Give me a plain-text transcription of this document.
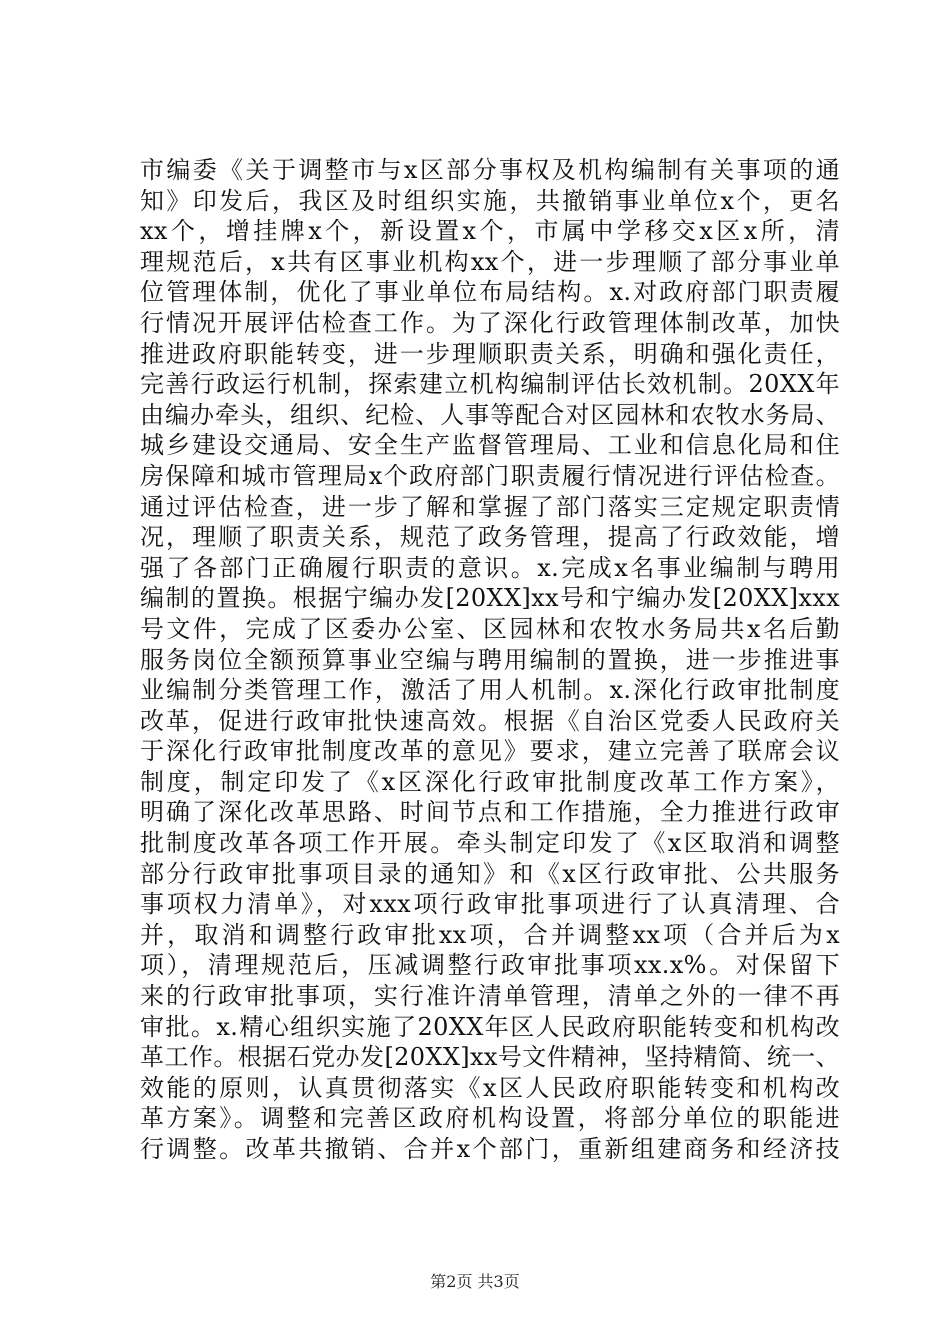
市编委《关于调整市与x区部分事权及机构编制有关事项的通
知》印发后，我区及时组织实施，共撤销事业单位x个，更名
xx个，增挂牌x个，新设置x个，市属中学移交x区x所，清
理规范后，x共有区事业机构xx个，进一步理顺了部分事业单
位管理体制，优化了事业单位布局结构。x.对政府部门职责履
行情况开展评估检查工作。为了深化行政管理体制改革，加快
推进政府职能转变，进一步理顺职责关系，明确和强化责任，
完善行政运行机制，探索建立机构编制评估长效机制。20XX年
由编办牵头，组织、纪检、人事等配合对区园林和农牧水务局、
城乡建设交通局、安全生产监督管理局、工业和信息化局和住
房保障和城市管理局x个政府部门职责履行情况进行评估检查。
通过评估检查，进一步了解和掌握了部门落实三定规定职责情
况，理顺了职责关系，规范了政务管理，提高了行政效能，增
强了各部门正确履行职责的意识。x.完成x名事业编制与聘用
编制的置换。根据宁编办发[20XX]xx号和宁编办发[20XX]xxx
号文件，完成了区委办公室、区园林和农牧水务局共x名后勤
服务岗位全额预算事业空编与聘用编制的置换，进一步推进事
业编制分类管理工作，激活了用人机制。x.深化行政审批制度
改革，促进行政审批快速高效。根据《自治区党委人民政府关
于深化行政审批制度改革的意见》要求，建立完善了联席会议
制度，制定印发了《x区深化行政审批制度改革工作方案》，
明确了深化改革思路、时间节点和工作措施，全力推进行政审
批制度改革各项工作开展。牵头制定印发了《x区取消和调整
部分行政审批事项目录的通知》和《x区行政审批、公共服务
事项权力清单》，对xxx项行政审批事项进行了认真清理、合
并，取消和调整行政审批xx项，合并调整xx项（合并后为x
项），清理规范后，压减调整行政审批事项xx.x%。对保留下
来的行政审批事项，实行准许清单管理，清单之外的一律不再
审批。x.精心组织实施了20XX年区人民政府职能转变和机构改
革工作。根据石党办发[20XX]xx号文件精神，坚持精简、统一、
效能的原则，认真贯彻落实《x区人民政府职能转变和机构改
革方案》。调整和完善区政府机构设置，将部分单位的职能进
行调整。改革共撤销、合并x个部门，重新组建商务和经济技
第2页 共3页
